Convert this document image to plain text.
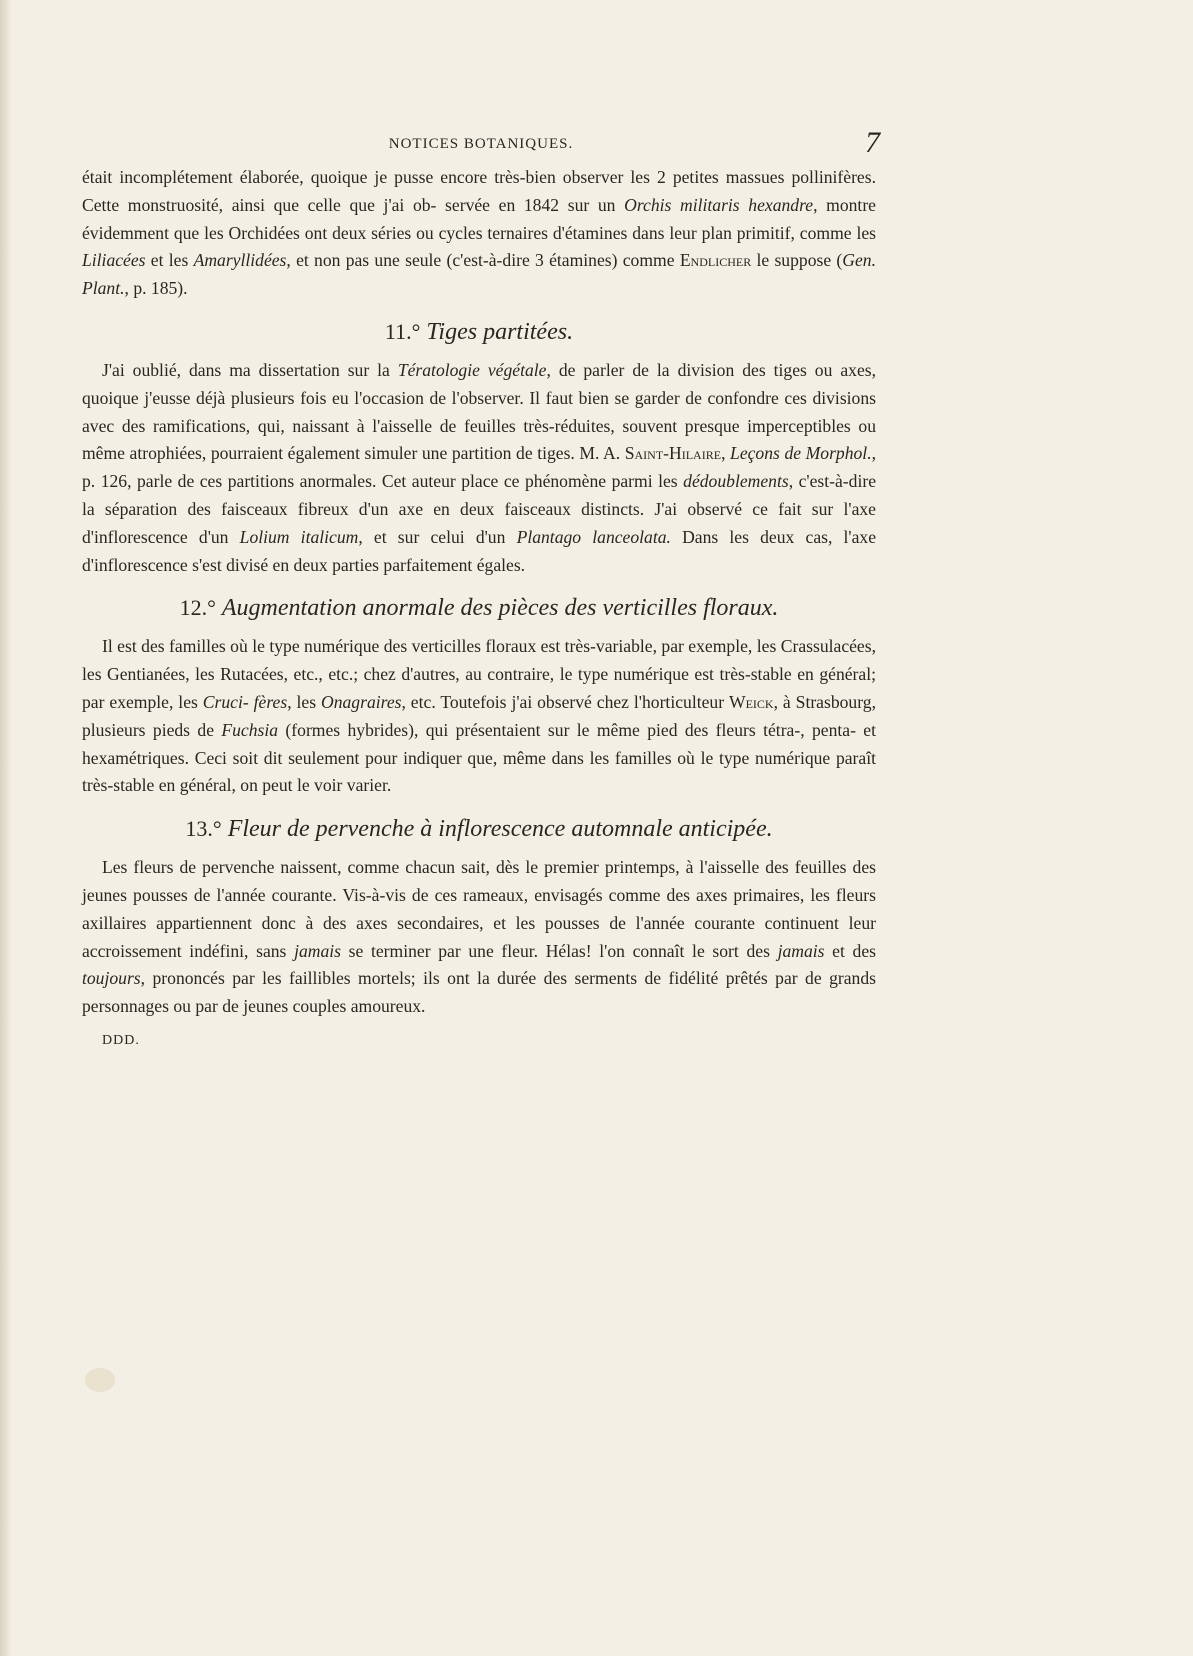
NOTICES BOTANIQUES.	7

était incomplétement élaborée, quoique je pusse encore très-bien observer les 2 petites massues pollinifères. Cette monstruosité, ainsi que celle que j'ai ob- servée en 1842 sur un Orchis militaris hexandre, montre évidemment que les Orchidées ont deux séries ou cycles ternaires d'étamines dans leur plan primitif, comme les Liliacées et les Amaryllidées, et non pas une seule (c'est-à-dire 3 étamines) comme Endlicher le suppose (Gen. Plant., p. 185).

11.° Tiges partitées.

J'ai oublié, dans ma dissertation sur la Tératologie végétale, de parler de la division des tiges ou axes, quoique j'eusse déjà plusieurs fois eu l'occasion de l'observer. Il faut bien se garder de confondre ces divisions avec des ramifications, qui, naissant à l'aisselle de feuilles très-réduites, souvent presque imperceptibles ou même atrophiées, pourraient également simuler une partition de tiges. M. A. Saint-Hilaire, Leçons de Morphol., p. 126, parle de ces partitions anormales. Cet auteur place ce phénomène parmi les dédoublements, c'est-à-dire la séparation des faisceaux fibreux d'un axe en deux faisceaux distincts. J'ai observé ce fait sur l'axe d'inflorescence d'un Lolium italicum, et sur celui d'un Plantago lanceolata. Dans les deux cas, l'axe d'inflorescence s'est divisé en deux parties parfaitement égales.

12.° Augmentation anormale des pièces des verticilles floraux.

Il est des familles où le type numérique des verticilles floraux est très-variable, par exemple, les Crassulacées, les Gentianées, les Rutacées, etc., etc.; chez d'autres, au contraire, le type numérique est très-stable en général; par exemple, les Cruci- fères, les Onagraires, etc. Toutefois j'ai observé chez l'horticulteur Weick, à Strasbourg, plusieurs pieds de Fuchsia (formes hybrides), qui présentaient sur le même pied des fleurs tétra-, penta- et hexamétriques. Ceci soit dit seulement pour indiquer que, même dans les familles où le type numérique paraît très-stable en général, on peut le voir varier.

13.° Fleur de pervenche à inflorescence automnale anticipée.

Les fleurs de pervenche naissent, comme chacun sait, dès le premier printemps, à l'aisselle des feuilles des jeunes pousses de l'année courante. Vis-à-vis de ces rameaux, envisagés comme des axes primaires, les fleurs axillaires appartiennent donc à des axes secondaires, et les pousses de l'année courante continuent leur accroissement indéfini, sans jamais se terminer par une fleur. Hélas! l'on connaît le sort des jamais et des toujours, prononcés par les faillibles mortels; ils ont la durée des serments de fidélité prêtés par de grands personnages ou par de jeunes couples amoureux.

DDD.
